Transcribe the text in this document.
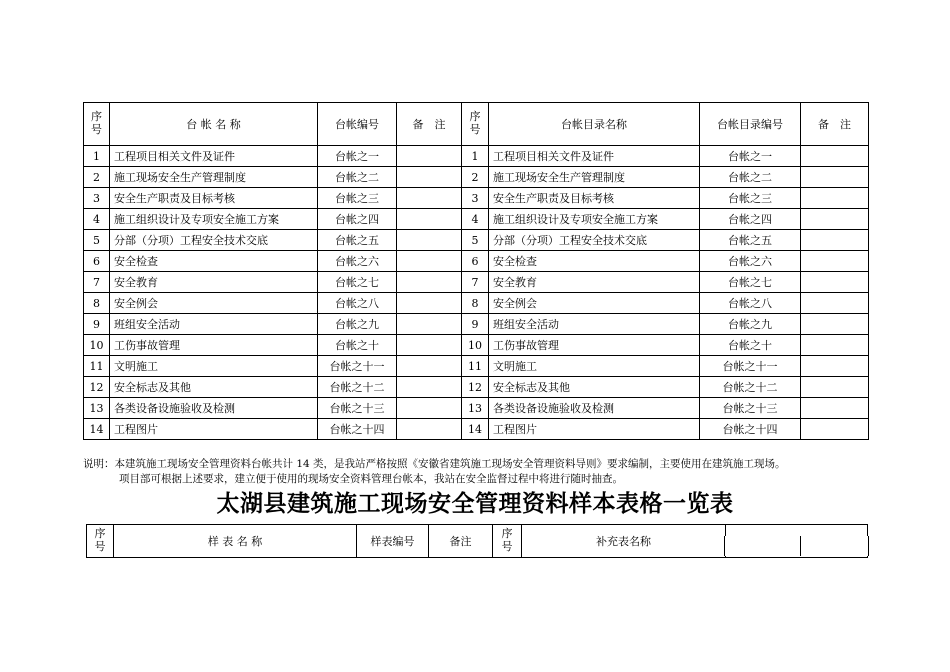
序号	台 帐 名 称	台帐编号	备　注	序号	台帐目录名称	台帐目录编号	备　注
1	工程项目相关文件及证件	台帐之一		1	工程项目相关文件及证件	台帐之一	
2	施工现场安全生产管理制度	台帐之二		2	施工现场安全生产管理制度	台帐之二	
3	安全生产职责及目标考核	台帐之三		3	安全生产职责及目标考核	台帐之三	
4	施工组织设计及专项安全施工方案	台帐之四		4	施工组织设计及专项安全施工方案	台帐之四	
5	分部（分项）工程安全技术交底	台帐之五		5	分部（分项）工程安全技术交底	台帐之五	
6	安全检查	台帐之六		6	安全检查	台帐之六	
7	安全教育	台帐之七		7	安全教育	台帐之七	
8	安全例会	台帐之八		8	安全例会	台帐之八	
9	班组安全活动	台帐之九		9	班组安全活动	台帐之九	
10	工伤事故管理	台帐之十		10	工伤事故管理	台帐之十	
11	文明施工	台帐之十一		11	文明施工	台帐之十一	
12	安全标志及其他	台帐之十二		12	安全标志及其他	台帐之十二	
13	各类设备设施验收及检测	台帐之十三		13	各类设备设施验收及检测	台帐之十三	
14	工程图片	台帐之十四		14	工程图片	台帐之十四	
说明：本建筑施工现场安全管理资料台帐共计 14 类，是我站严格按照《安徽省建筑施工现场安全管理资料导则》要求编制，主要使用在建筑施工现场。
项目部可根据上述要求，建立便于使用的现场安全资料管理台帐本，我站在安全监督过程中将进行随时抽查。
序号	样 表 名 称	样表编号	备注	序号	补充表名称	
太湖县建筑施工现场安全管理资料样本表格一览表
